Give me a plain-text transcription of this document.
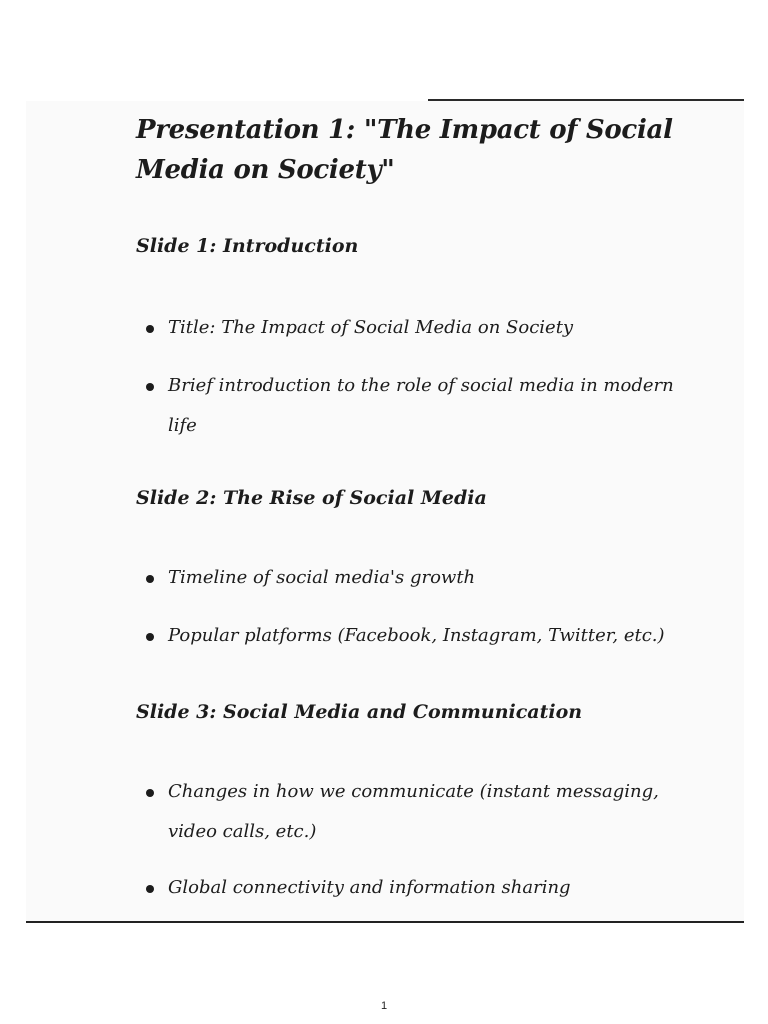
Presentation 1: "The Impact of Social Media on Society"
Slide 1: Introduction
Title: The Impact of Social Media on Society
Brief introduction to the role of social media in modern life
Slide 2: The Rise of Social Media
Timeline of social media's growth
Popular platforms (Facebook, Instagram, Twitter, etc.)
Slide 3: Social Media and Communication
Changes in how we communicate (instant messaging, video calls, etc.)
Global connectivity and information sharing
1
